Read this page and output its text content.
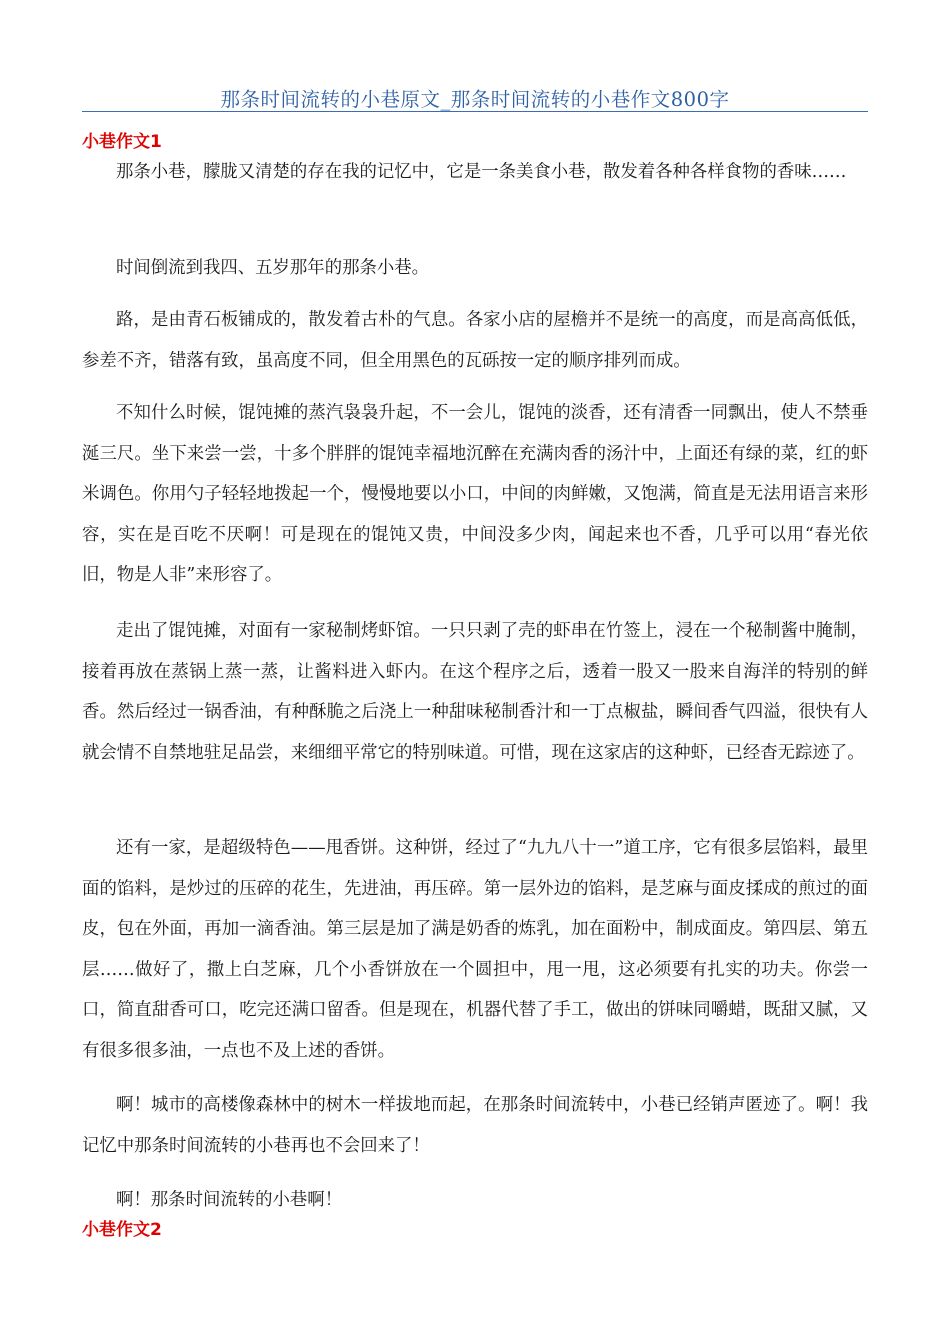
那条时间流转的小巷原文_那条时间流转的小巷作文800字
小巷作文1

那条小巷，朦胧又清楚的存在我的记忆中，它是一条美食小巷，散发着各种各样食物的香味……

时间倒流到我四、五岁那年的那条小巷。

路，是由青石板铺成的，散发着古朴的气息。各家小店的屋檐并不是统一的高度，而是高高低低，参差不齐，错落有致，虽高度不同，但全用黑色的瓦砾按一定的顺序排列而成。

不知什么时候，馄饨摊的蒸汽袅袅升起，不一会儿，馄饨的淡香，还有清香一同飘出，使人不禁垂涎三尺。坐下来尝一尝，十多个胖胖的馄饨幸福地沉醉在充满肉香的汤汁中，上面还有绿的菜，红的虾米调色。你用勺子轻轻地拨起一个，慢慢地要以小口，中间的肉鲜嫩，又饱满，简直是无法用语言来形容，实在是百吃不厌啊！可是现在的馄饨又贵，中间没多少肉，闻起来也不香，几乎可以用“春光依旧，物是人非”来形容了。

走出了馄饨摊，对面有一家秘制烤虾馆。一只只剥了壳的虾串在竹签上，浸在一个秘制酱中腌制，接着再放在蒸锅上蒸一蒸，让酱料进入虾内。在这个程序之后，透着一股又一股来自海洋的特别的鲜香。然后经过一锅香油，有种酥脆之后浇上一种甜味秘制香汁和一丁点椒盐，瞬间香气四溢，很快有人就会情不自禁地驻足品尝，来细细平常它的特别味道。可惜，现在这家店的这种虾，已经杳无踪迹了。

还有一家，是超级特色——甩香饼。这种饼，经过了“九九八十一”道工序，它有很多层馅料，最里面的馅料，是炒过的压碎的花生，先进油，再压碎。第一层外边的馅料，是芝麻与面皮揉成的煎过的面皮，包在外面，再加一滴香油。第三层是加了满是奶香的炼乳，加在面粉中，制成面皮。第四层、第五层……做好了，撒上白芝麻，几个小香饼放在一个圆担中，甩一甩，这必须要有扎实的功夫。你尝一口，简直甜香可口，吃完还满口留香。但是现在，机器代替了手工，做出的饼味同嚼蜡，既甜又腻，又有很多很多油，一点也不及上述的香饼。

啊！城市的高楼像森林中的树木一样拔地而起，在那条时间流转中，小巷已经销声匿迹了。啊！我记忆中那条时间流转的小巷再也不会回来了！

啊！那条时间流转的小巷啊！

小巷作文2
